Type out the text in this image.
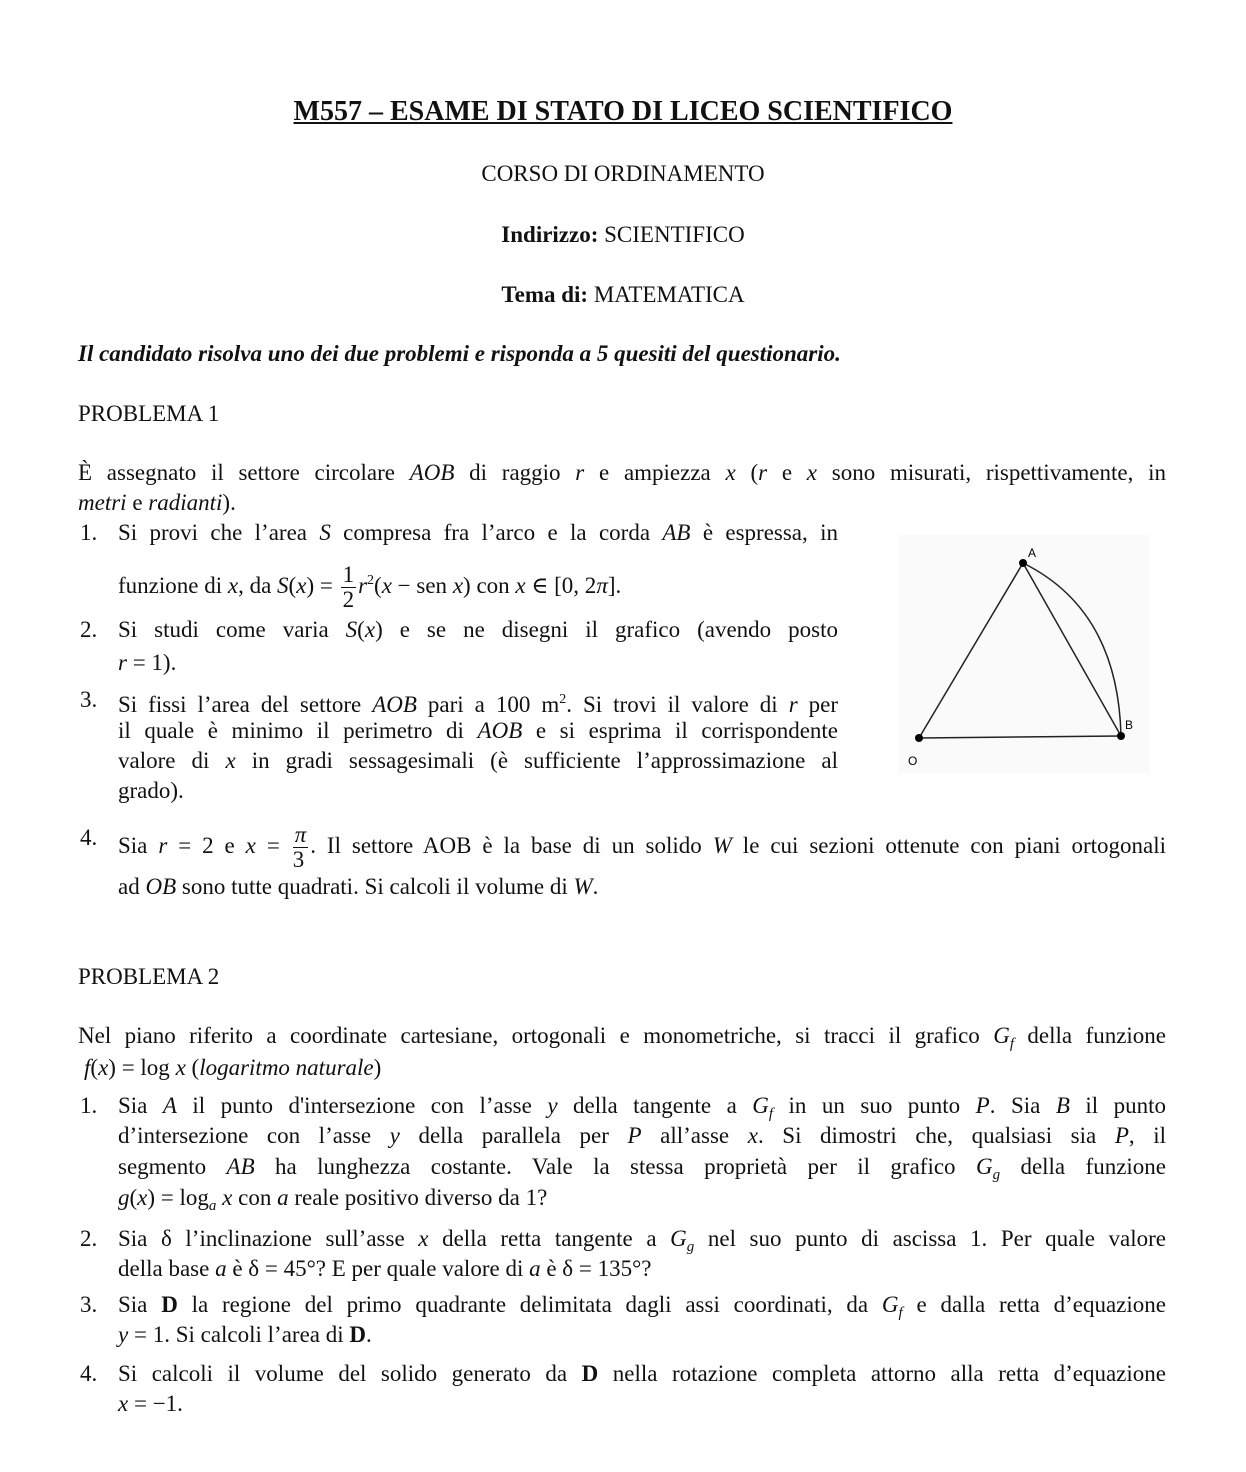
M557 – ESAME DI STATO DI LICEO SCIENTIFICO
CORSO DI ORDINAMENTO
Indirizzo: SCIENTIFICO
Tema di: MATEMATICA
Il candidato risolva uno dei due problemi e risponda a 5 quesiti del questionario.
PROBLEMA 1
È assegnato il settore circolare AOB di raggio r e ampiezza x (r e x sono misurati, rispettivamente, in
metri e radianti).
1. Si provi che l’area S compresa fra l’arco e la corda AB è espressa, in
funzione di x, da $S(x) = \frac{1}{2} r^2(x$ − sen x) con x ∈ [0, 2π].
2. Si studi come varia S(x) e se ne disegni il grafico (avendo posto
r = 1).
3. Si fissi l’area del settore AOB pari a 100 $m^2$. Si trovi il valore di r per
il quale è minimo il perimetro di AOB e si esprima il corrispondente
valore di x in gradi sessagesimali (è sufficiente l’approssimazione al
grado).
4. Sia r = 2 e $x = \frac{\pi}{3}$ . Il settore AOB è la base di un solido W le cui sezioni ottenute con piani ortogonali
ad OB sono tutte quadrati. Si calcoli il volume di W.
A
B
O
PROBLEMA 2
Nel piano riferito a coordinate cartesiane, ortogonali e monometriche, si tracci il grafico $G_f$ della funzione
f(x) = log x (logaritmo naturale)
1. Sia A il punto d'intersezione con l’asse y della tangente a $G_f$ in un suo punto P. Sia B il punto
d’intersezione con l’asse y della parallela per P all’asse x. Si dimostri che, qualsiasi sia P, il
segmento AB ha lunghezza costante. Vale la stessa proprietà per il grafico $G_g$ della funzione
$g(x) = \log_a x$ con a reale positivo diverso da 1?
2. Sia δ l’inclinazione sull’asse x della retta tangente a $G_g$ nel suo punto di ascissa 1. Per quale valore
della base a è δ = 45°? E per quale valore di a è δ = 135°?
3. Sia D la regione del primo quadrante delimitata dagli assi coordinati, da $G_f$ e dalla retta d’equazione
y = 1. Si calcoli l’area di D.
4. Si calcoli il volume del solido generato da D nella rotazione completa attorno alla retta d’equazione
x = −1.
